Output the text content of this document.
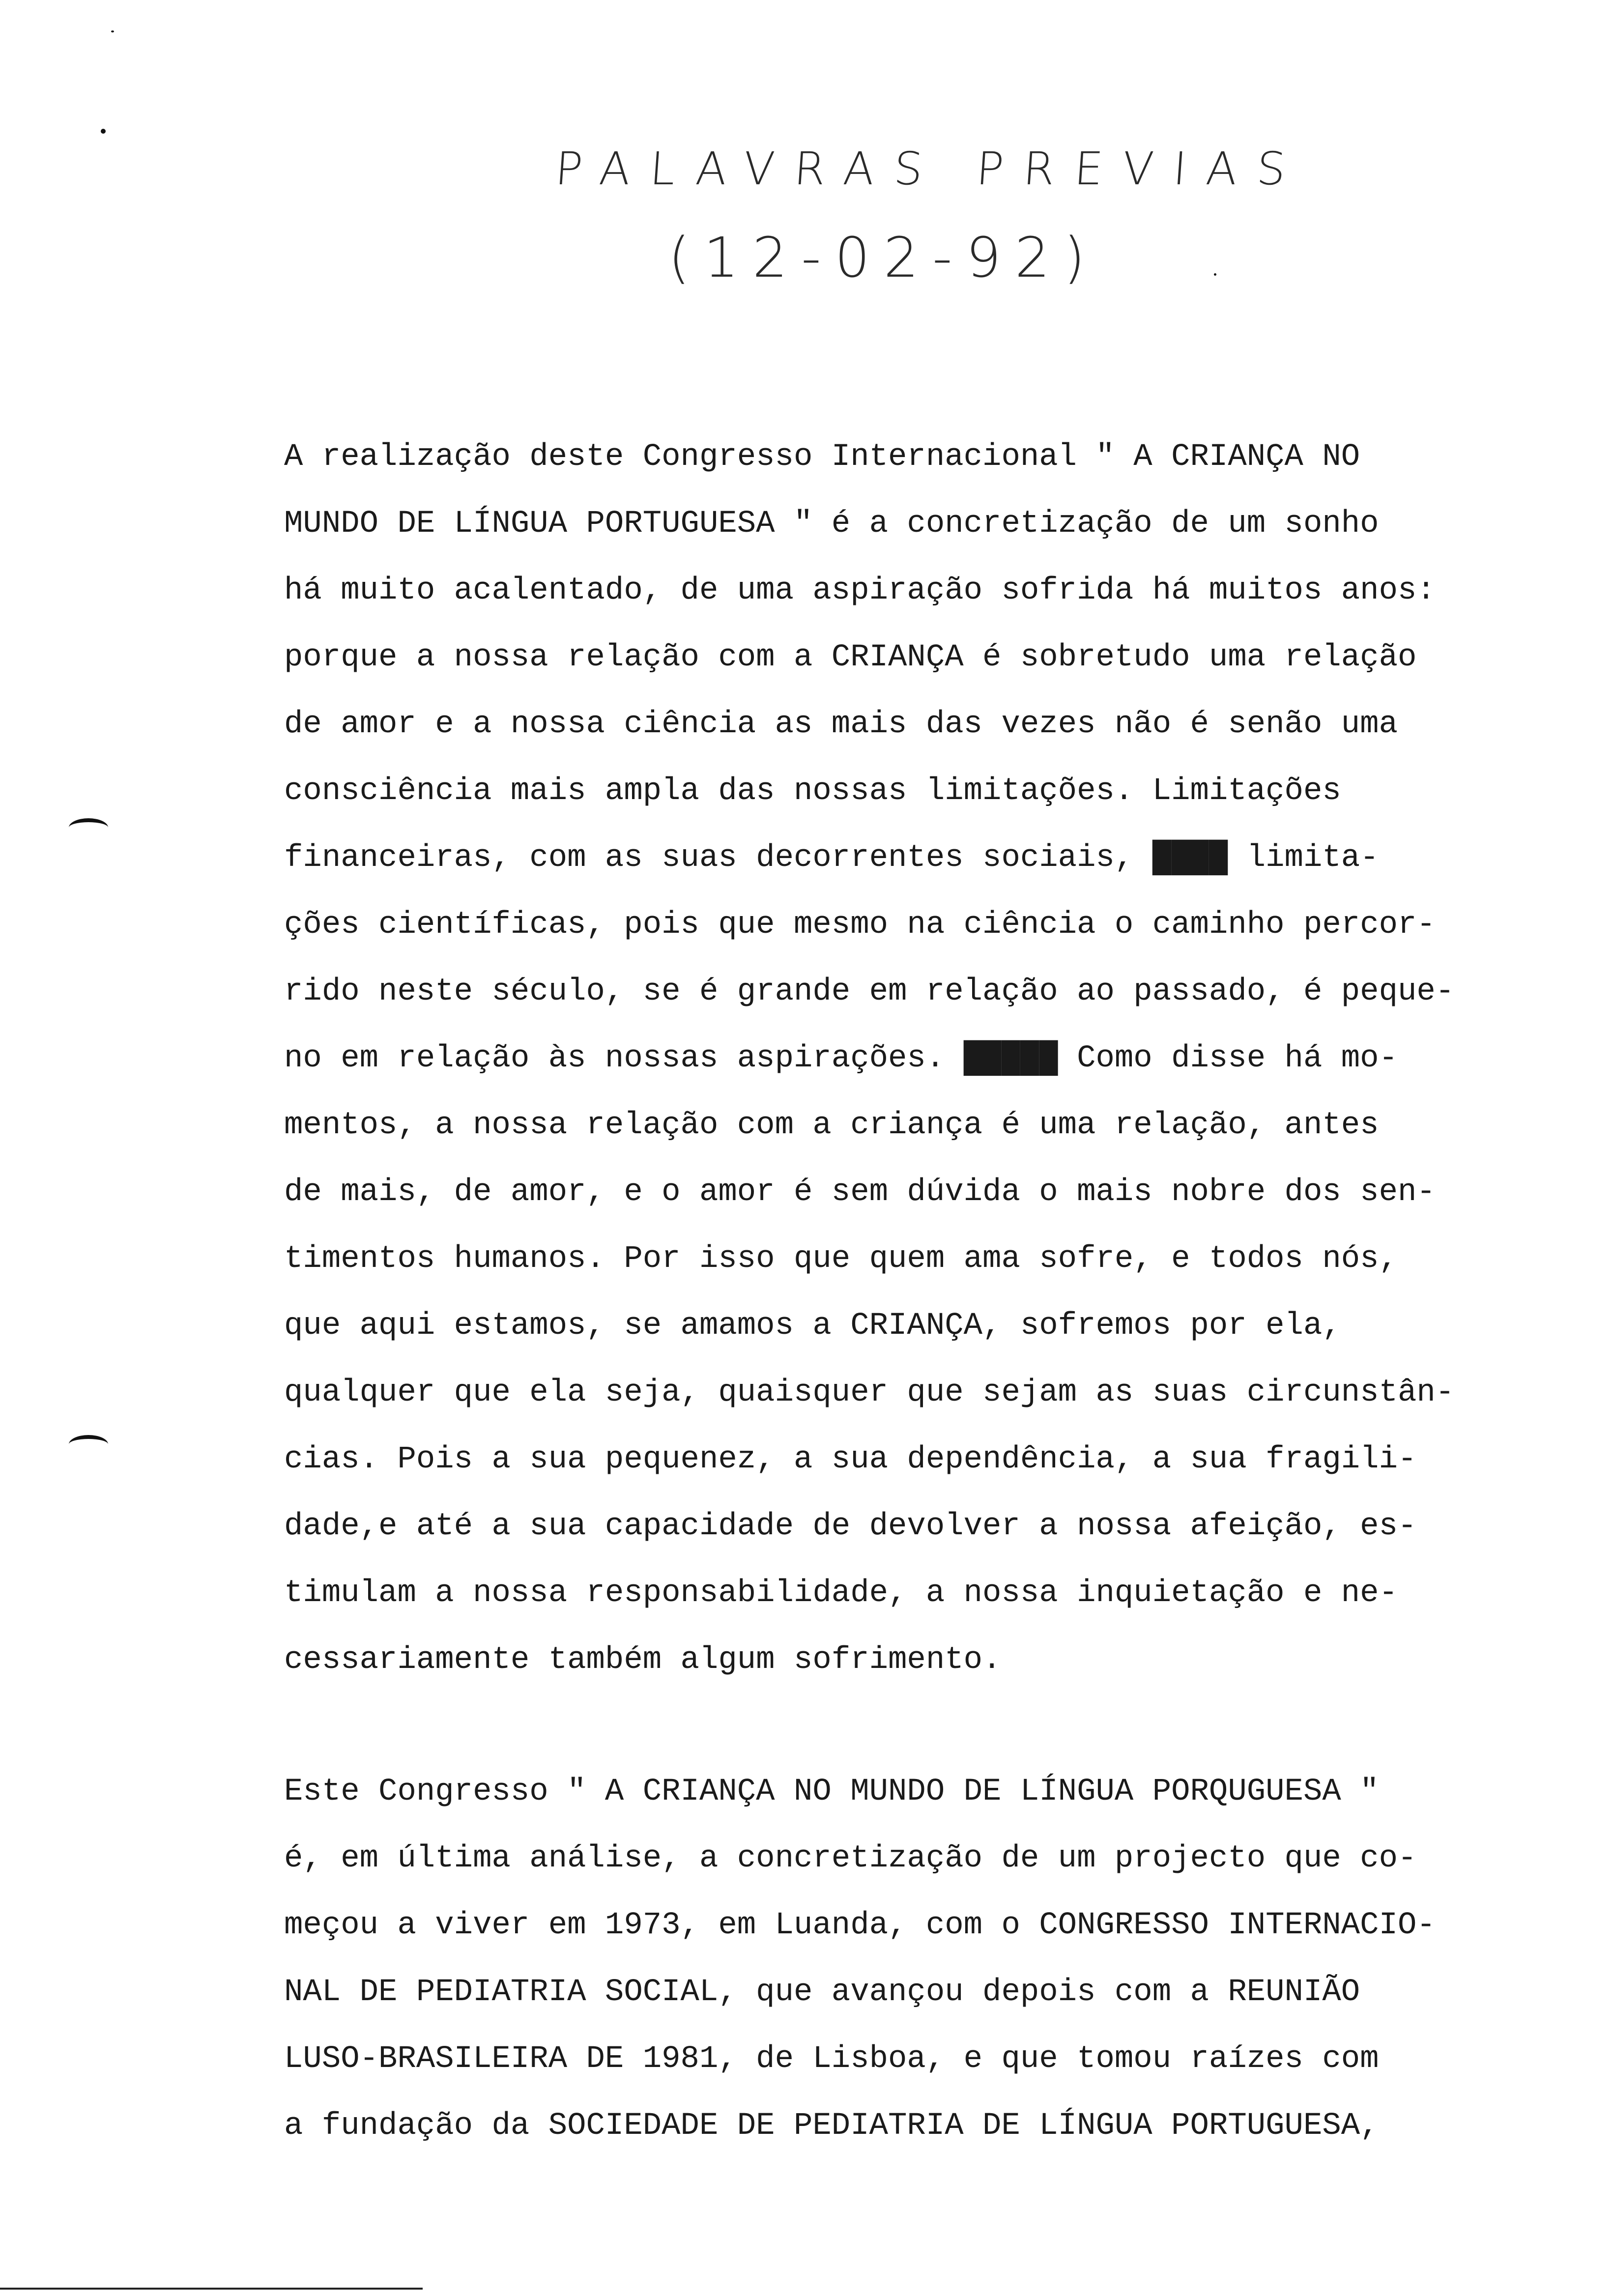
PALAVRAS PREVIAS
(12-02-92)
A realização deste Congresso Internacional " A CRIANÇA NO
MUNDO DE LÍNGUA PORTUGUESA " é a concretização de um sonho
há muito acalentado, de uma aspiração sofrida há muitos anos:
porque a nossa relação com a CRIANÇA é sobretudo uma relação
de amor e a nossa ciência as mais das vezes não é senão uma
consciência mais ampla das nossas limitações. Limitações
financeiras, com as suas decorrentes sociais, ████ limita-
ções científicas, pois que mesmo na ciência o caminho percor-
rido neste século, se é grande em relação ao passado, é peque-
no em relação às nossas aspirações. █████ Como disse há mo-
mentos, a nossa relação com a criança é uma relação, antes
de mais, de amor, e o amor é sem dúvida o mais nobre dos sen-
timentos humanos. Por isso que quem ama sofre, e todos nós,
que aqui estamos, se amamos a CRIANÇA, sofremos por ela,
qualquer que ela seja, quaisquer que sejam as suas circunstân-
cias. Pois a sua pequenez, a sua dependência, a sua fragili-
dade,e até a sua capacidade de devolver a nossa afeição, es-
timulam a nossa responsabilidade, a nossa inquietação e ne-
cessariamente também algum sofrimento.
Este Congresso " A CRIANÇA NO MUNDO DE LÍNGUA PORQUGUESA "
é, em última análise, a concretização de um projecto que co-
meçou a viver em 1973, em Luanda, com o CONGRESSO INTERNACIO-
NAL DE PEDIATRIA SOCIAL, que avançou depois com a REUNIÃO
LUSO-BRASILEIRA DE 1981, de Lisboa, e que tomou raízes com
a fundação da SOCIEDADE DE PEDIATRIA DE LÍNGUA PORTUGUESA,
